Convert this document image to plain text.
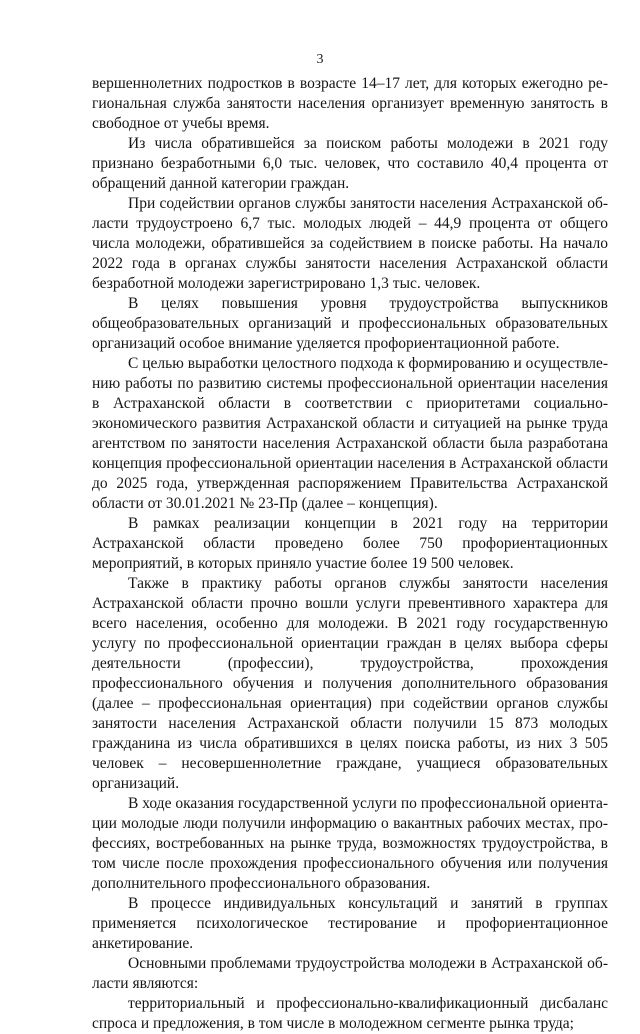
3

вершеннолетних подростков в возрасте 14–17 лет, для которых ежегодно региональная служба занятости населения организует временную занятость в свободное от учебы время.

Из числа обратившейся за поиском работы молодежи в 2021 году признано безработными 6,0 тыс. человек, что составило 40,4 процента от обращений данной категории граждан.

При содействии органов службы занятости населения Астраханской области трудоустроено 6,7 тыс. молодых людей – 44,9 процента от общего числа молодежи, обратившейся за содействием в поиске работы. На начало 2022 года в органах службы занятости населения Астраханской области безработной молодежи зарегистрировано 1,3 тыс. человек.

В целях повышения уровня трудоустройства выпускников общеобразовательных организаций и профессиональных образовательных организаций особое внимание уделяется профориентационной работе.

С целью выработки целостного подхода к формированию и осуществлению работы по развитию системы профессиональной ориентации населения в Астраханской области в соответствии с приоритетами социально-экономического развития Астраханской области и ситуацией на рынке труда агентством по занятости населения Астраханской области была разработана концепция профессиональной ориентации населения в Астраханской области до 2025 года, утвержденная распоряжением Правительства Астраханской области от 30.01.2021 № 23-Пр (далее – концепция).

В рамках реализации концепции в 2021 году на территории Астраханской области проведено более 750 профориентационных мероприятий, в которых приняло участие более 19 500 человек.

Также в практику работы органов службы занятости населения Астраханской области прочно вошли услуги превентивного характера для всего населения, особенно для молодежи. В 2021 году государственную услугу по профессиональной ориентации граждан в целях выбора сферы деятельности (профессии), трудоустройства, прохождения профессионального обучения и получения дополнительного образования (далее – профессиональная ориентация) при содействии органов службы занятости населения Астраханской области получили 15 873 молодых гражданина из числа обратившихся в целях поиска работы, из них 3 505 человек – несовершеннолетние граждане, учащиеся образовательных организаций.

В ходе оказания государственной услуги по профессиональной ориентации молодые люди получили информацию о вакантных рабочих местах, профессиях, востребованных на рынке труда, возможностях трудоустройства, в том числе после прохождения профессионального обучения или получения дополнительного профессионального образования.

В процессе индивидуальных консультаций и занятий в группах применяется психологическое тестирование и профориентационное анкетирование.

Основными проблемами трудоустройства молодежи в Астраханской области являются:

территориальный и профессионально-квалификационный дисбаланс спроса и предложения, в том числе в молодежном сегменте рынка труда;
